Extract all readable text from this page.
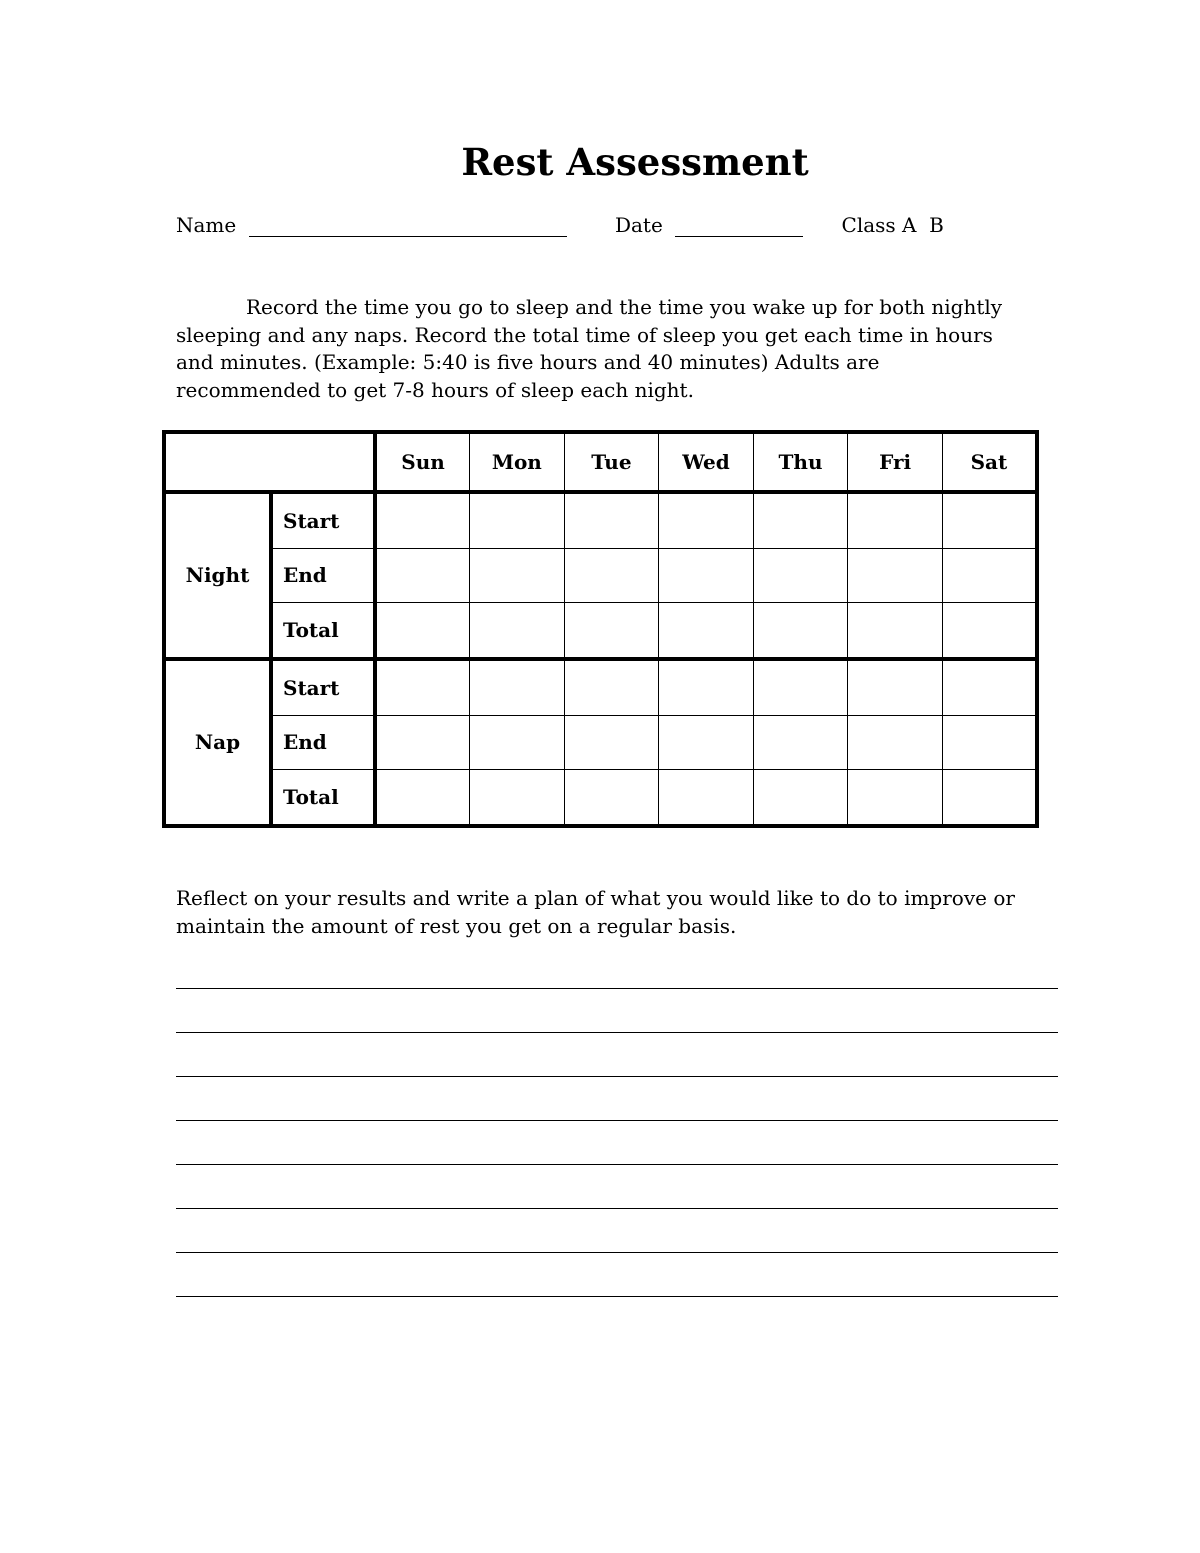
Rest Assessment
Name	Date	Class A  B
Record the time you go to sleep and the time you wake up for both nightly sleeping and any naps. Record the total time of sleep you get each time in hours and minutes. (Example: 5:40 is five hours and 40 minutes) Adults are recommended to get 7-8 hours of sleep each night.
		Sun	Mon	Tue	Wed	Thu	Fri	Sat
Night	Start							
	End							
	Total							
Nap	Start							
	End							
	Total							
Reflect on your results and write a plan of what you would like to do to improve or maintain the amount of rest you get on a regular basis.
